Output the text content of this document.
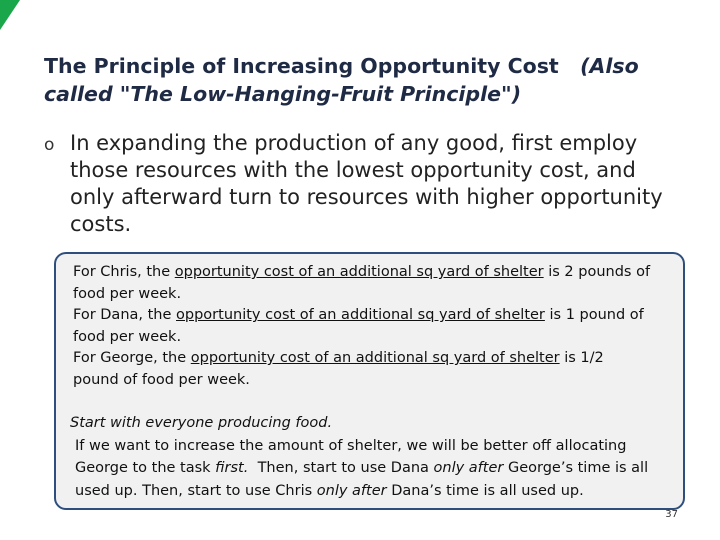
The Principle of Increasing Opportunity Cost (Also
called "The Low-Hanging-Fruit Principle")
o In expanding the production of any good, first employ those resources with the lowest opportunity cost, and only afterward turn to resources with higher opportunity costs.
For Chris, the opportunity cost of an additional sq yard of shelter is 2 pounds of food per week.
For Dana, the opportunity cost of an additional sq yard of shelter is 1 pound of food per week.
For George, the opportunity cost of an additional sq yard of shelter is 1/2 pound of food per week.
Start with everyone producing food.
If we want to increase the amount of shelter, we will be better off allocating George to the task first. Then, start to use Dana only after George’s time is all used up. Then, start to use Chris only after Dana’s time is all used up.
37
